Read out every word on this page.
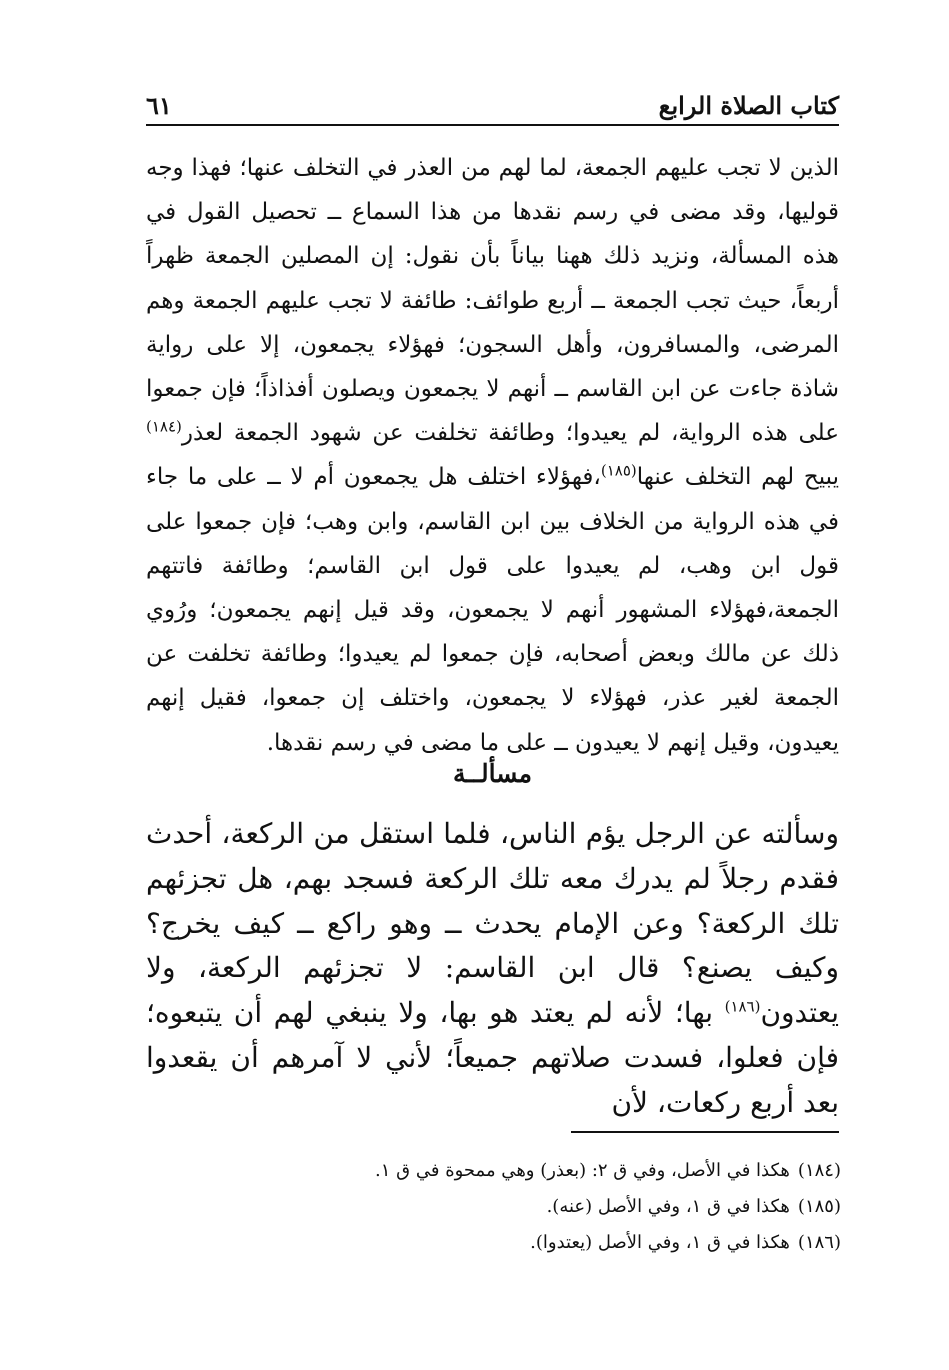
كتاب الصلاة الرابع
٦١

الذين لا تجب عليهم الجمعة، لما لهم من العذر في التخلف عنها؛ فهذا وجه قوليها، وقد مضى في رسم نقدها من هذا السماع ــ تحصيل القول في هذه المسألة، ونزيد ذلك ههنا بياناً بأن نقول: إن المصلين الجمعة ظهراً أربعاً، حيث تجب الجمعة ــ أربع طوائف: طائفة لا تجب عليهم الجمعة وهم المرضى، والمسافرون، وأهل السجون؛ فهؤلاء يجمعون، إلا على رواية شاذة جاءت عن ابن القاسم ــ أنهم لا يجمعون ويصلون أفذاذاً؛ فإن جمعوا على هذه الرواية، لم يعيدوا؛ وطائفة تخلفت عن شهود الجمعة لعذر$^{(١٨٤)}$ يبيح لهم التخلف عنها$^{(١٨٥)}$،فهؤلاء اختلف هل يجمعون أم لا ــ على ما جاء في هذه الرواية من الخلاف بين ابن القاسم، وابن وهب؛ فإن جمعوا على قول ابن وهب، لم يعيدوا على قول ابن القاسم؛ وطائفة فاتتهم الجمعة،فهؤلاء المشهور أنهم لا يجمعون، وقد قيل إنهم يجمعون؛ ورُوي ذلك عن مالك وبعض أصحابه، فإن جمعوا لم يعيدوا؛ وطائفة تخلفت عن الجمعة لغير عذر، فهؤلاء لا يجمعون، واختلف إن جمعوا، فقيل إنهم يعيدون، وقيل إنهم لا يعيدون ــ على ما مضى في رسم نقدها.

مسألــة

وسألته عن الرجل يؤم الناس، فلما استقل من الركعة، أحدث فقدم رجلاً لم يدرك معه تلك الركعة فسجد بهم، هل تجزئهم تلك الركعة؟ وعن الإمام يحدث ــ وهو راكع ــ كيف يخرج؟ وكيف يصنع؟ قال ابن القاسم: لا تجزئهم الركعة، ولا يعتدون$^{(١٨٦)}$ بها؛ لأنه لم يعتد هو بها، ولا ينبغي لهم أن يتبعوه؛ فإن فعلوا، فسدت صلاتهم جميعاً؛ لأني لا آمرهم أن يقعدوا بعد أربع ركعات، لأن

(١٨٤)هكذا في الأصل، وفي ق ٢: (بعذر) وهي ممحوة في ق ١.
(١٨٥)هكذا في ق ١، وفي الأصل (عنه).
(١٨٦)هكذا في ق ١، وفي الأصل (يعتدوا).
